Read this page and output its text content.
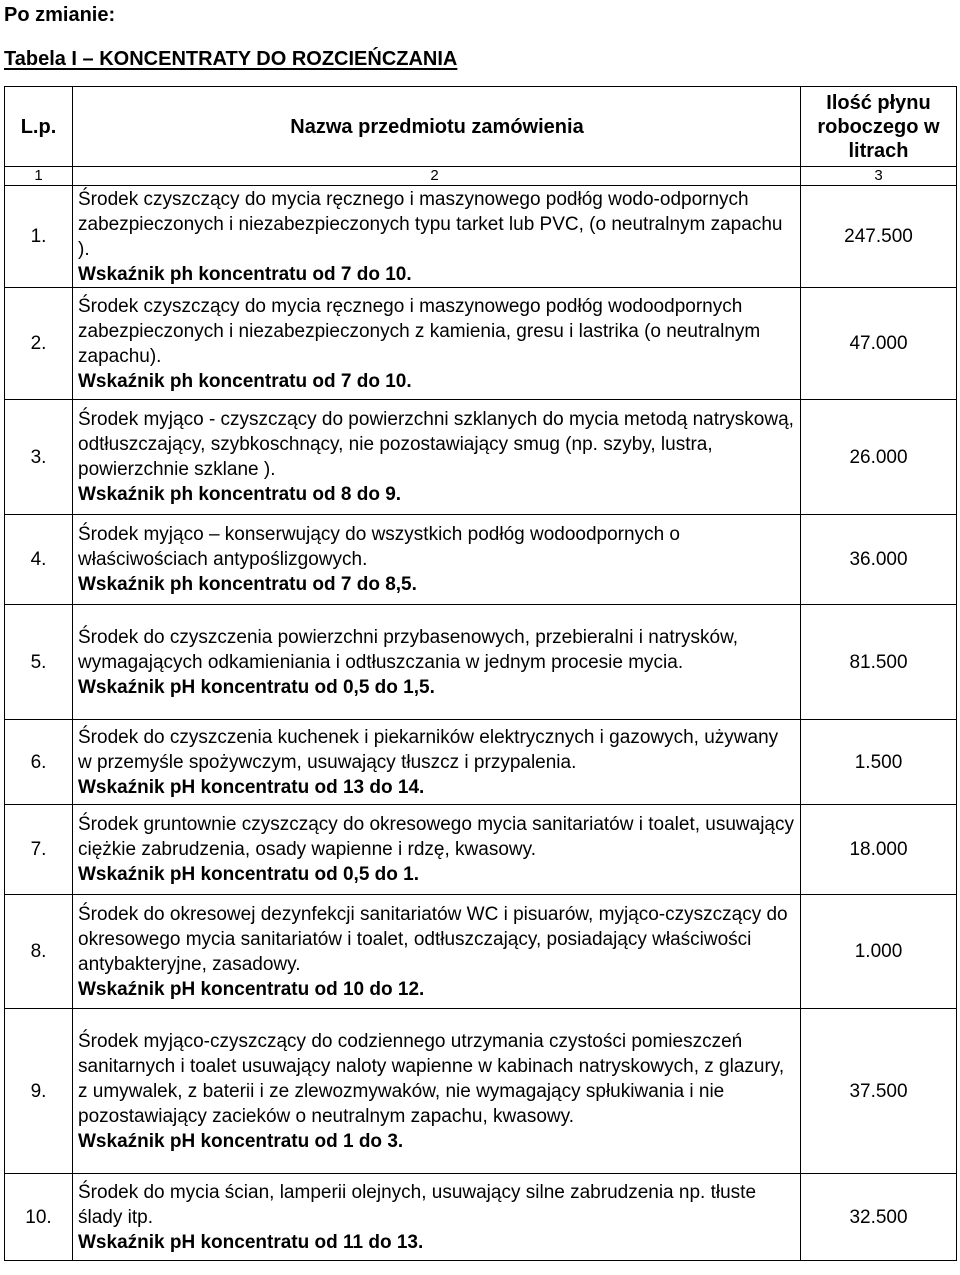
Po zmianie:
Tabela I – KONCENTRATY DO ROZCIEŃCZANIA
L.p.	Nazwa przedmiotu zamówienia	Ilość płynu roboczego w litrach
1	2	3
1.	Środek czyszczący do mycia ręcznego i maszynowego podłóg wodo-odpornych zabezpieczonych i niezabezpieczonych typu tarket lub PVC, (o neutralnym zapachu ).
Wskaźnik ph koncentratu od 7 do 10.	247.500
2.	Środek czyszczący do mycia ręcznego i maszynowego podłóg wodoodpornych zabezpieczonych i niezabezpieczonych z kamienia, gresu i lastrika (o neutralnym zapachu).
Wskaźnik ph koncentratu od 7 do 10.	47.000
3.	Środek myjąco - czyszczący do powierzchni szklanych do mycia metodą natryskową, odtłuszczający, szybkoschnący, nie pozostawiający smug (np. szyby, lustra, powierzchnie szklane ).
Wskaźnik ph koncentratu od 8 do 9.	26.000
4.	Środek myjąco – konserwujący do wszystkich podłóg wodoodpornych o właściwościach antypoślizgowych.
Wskaźnik ph koncentratu od 7 do 8,5.	36.000
5.	Środek do czyszczenia powierzchni przybasenowych, przebieralni i natrysków, wymagających odkamieniania i odtłuszczania w jednym procesie mycia.
Wskaźnik pH koncentratu od 0,5 do 1,5.	81.500
6.	Środek do czyszczenia kuchenek i piekarników elektrycznych i gazowych, używany w przemyśle spożywczym, usuwający tłuszcz i przypalenia.
Wskaźnik pH koncentratu od 13 do 14.	1.500
7.	Środek gruntownie czyszczący do okresowego mycia sanitariatów i toalet, usuwający ciężkie zabrudzenia, osady wapienne i rdzę, kwasowy.
Wskaźnik pH koncentratu od 0,5 do 1.	18.000
8.	Środek do okresowej dezynfekcji sanitariatów WC i pisuarów, myjąco-czyszczący do okresowego mycia sanitariatów i toalet, odtłuszczający, posiadający właściwości antybakteryjne, zasadowy.
Wskaźnik pH koncentratu od 10 do 12.	1.000
9.	Środek myjąco-czyszczący do codziennego utrzymania czystości pomieszczeń sanitarnych i toalet usuwający naloty wapienne w kabinach natryskowych, z glazury, z umywalek, z baterii i ze zlewozmywaków, nie wymagający spłukiwania i nie pozostawiający zacieków o neutralnym zapachu, kwasowy.
Wskaźnik pH koncentratu od 1 do 3.	37.500
10.	Środek do mycia ścian, lamperii olejnych, usuwający silne zabrudzenia np. tłuste ślady itp.
Wskaźnik pH koncentratu od 11 do 13.	32.500
